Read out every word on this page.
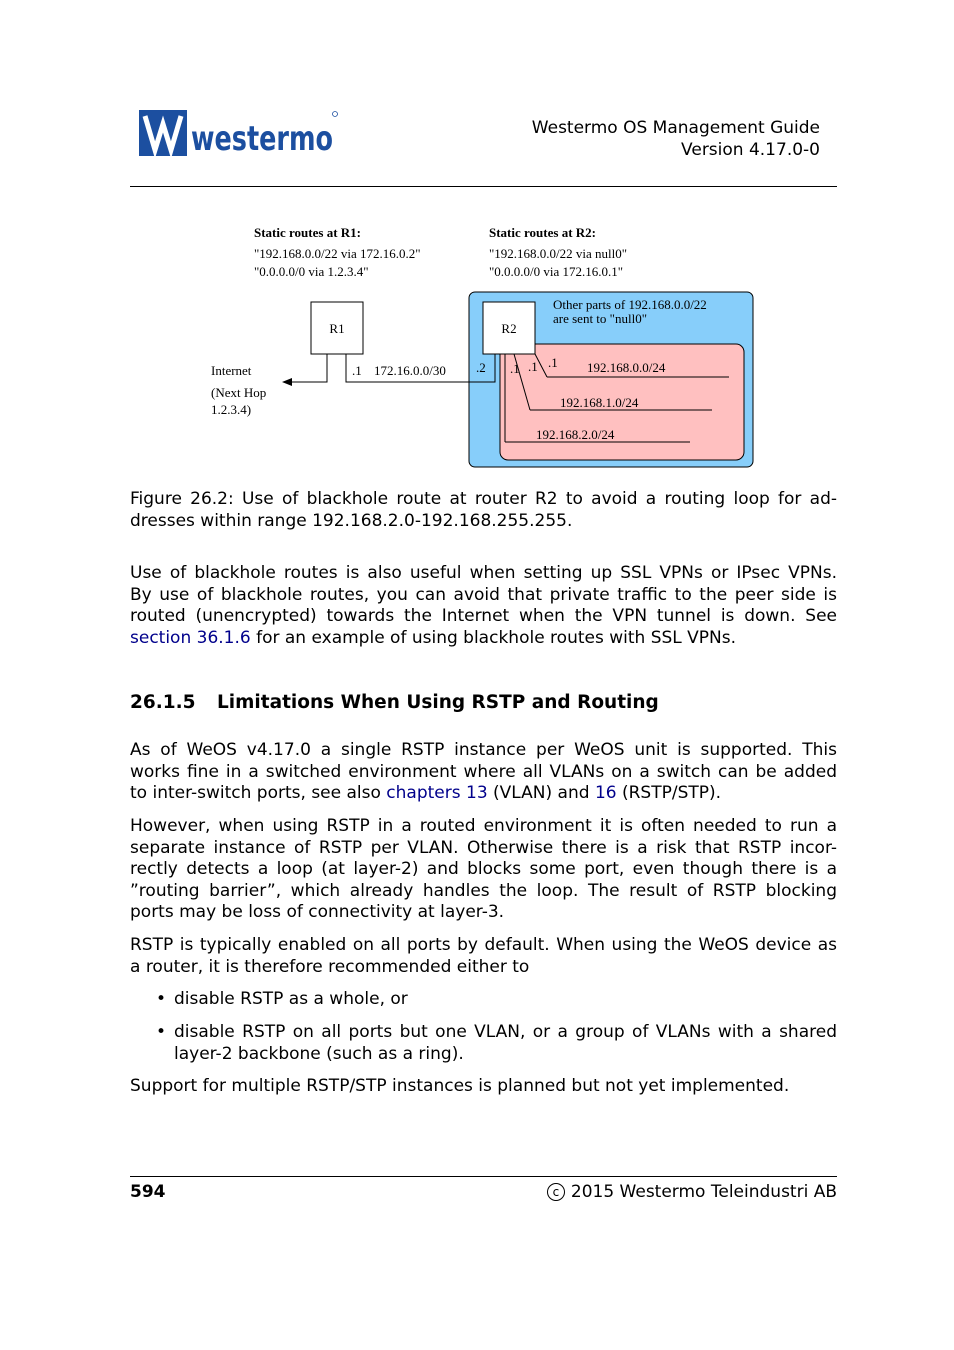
westermo	Westermo OS Management Guide
Version 4.17.0-0
Static routes at R1:
"192.168.0.0/22 via 172.16.0.2"
"0.0.0.0/0 via 1.2.3.4"
Static routes at R2:
"192.168.0.0/22 via null0"
"0.0.0.0/0 via 172.16.0.1"
Other parts of 192.168.0.0/22
are sent to "null0"
R1	R2
Internet
(Next Hop
1.2.3.4)
.1 172.16.0.0/30 .2 .1 .1 .1 192.168.0.0/24
192.168.1.0/24
192.168.2.0/24
Figure 26.2: Use of blackhole route at router R2 to avoid a routing loop for ad-
dresses within range 192.168.2.0-192.168.255.255.
Use of blackhole routes is also useful when setting up SSL VPNs or IPsec VPNs.
By use of blackhole routes, you can avoid that private traffic to the peer side is
routed (unencrypted) towards the Internet when the VPN tunnel is down. See
section 36.1.6 for an example of using blackhole routes with SSL VPNs.
26.1.5 Limitations When Using RSTP and Routing
As of WeOS v4.17.0 a single RSTP instance per WeOS unit is supported. This
works fine in a switched environment where all VLANs on a switch can be added
to inter-switch ports, see also chapters 13 (VLAN) and 16 (RSTP/STP).
However, when using RSTP in a routed environment it is often needed to run a
separate instance of RSTP per VLAN. Otherwise there is a risk that RSTP incor-
rectly detects a loop (at layer-2) and blocks some port, even though there is a
”routing barrier”, which already handles the loop. The result of RSTP blocking
ports may be loss of connectivity at layer-3.
RSTP is typically enabled on all ports by default. When using the WeOS device as
a router, it is therefore recommended either to
• disable RSTP as a whole, or
• disable RSTP on all ports but one VLAN, or a group of VLANs with a shared
layer-2 backbone (such as a ring).
Support for multiple RSTP/STP instances is planned but not yet implemented.
594	c 2015 Westermo Teleindustri AB
